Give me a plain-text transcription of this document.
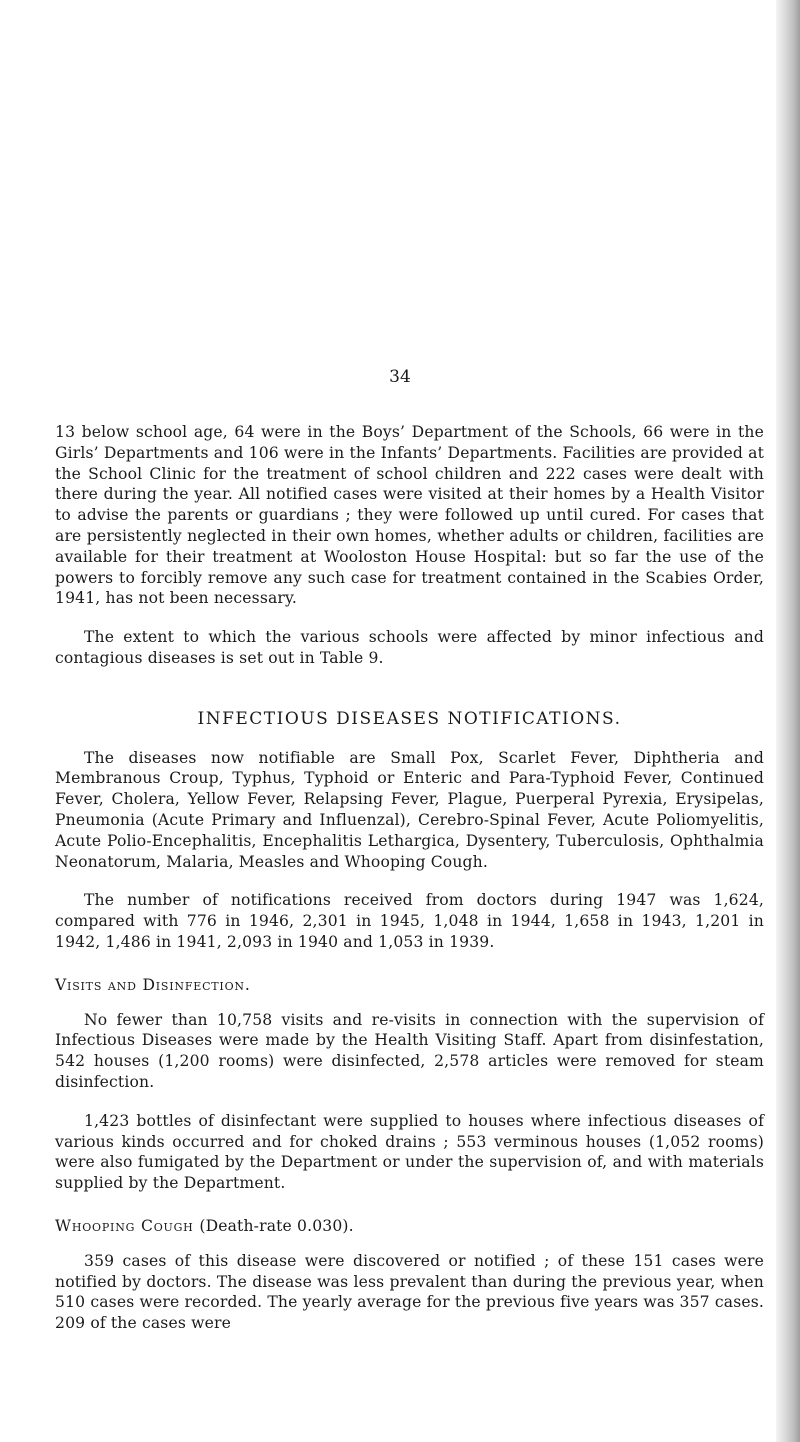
34

13 below school age, 64 were in the Boys’ Department of the Schools, 66 were in the Girls’ Departments and 106 were in the Infants’ Departments. Facilities are provided at the School Clinic for the treatment of school children and 222 cases were dealt with there during the year. All notified cases were visited at their homes by a Health Visitor to advise the parents or guardians ; they were followed up until cured. For cases that are persistently neglected in their own homes, whether adults or children, facilities are available for their treatment at Wooloston House Hospital: but so far the use of the powers to forcibly remove any such case for treatment contained in the Scabies Order, 1941, has not been necessary.

The extent to which the various schools were affected by minor infectious and contagious diseases is set out in Table 9.

INFECTIOUS DISEASES NOTIFICATIONS.

The diseases now notifiable are Small Pox, Scarlet Fever, Diphtheria and Membranous Croup, Typhus, Typhoid or Enteric and Para-Typhoid Fever, Continued Fever, Cholera, Yellow Fever, Relapsing Fever, Plague, Puerperal Pyrexia, Erysipelas, Pneumonia (Acute Primary and Influenzal), Cerebro-Spinal Fever, Acute Poliomyelitis, Acute Polio-Encephalitis, Encephalitis Lethargica, Dysentery, Tuberculosis, Ophthalmia Neonatorum, Malaria, Measles and Whooping Cough.

The number of notifications received from doctors during 1947 was 1,624, compared with 776 in 1946, 2,301 in 1945, 1,048 in 1944, 1,658 in 1943, 1,201 in 1942, 1,486 in 1941, 2,093 in 1940 and 1,053 in 1939.

Visits and Disinfection.

No fewer than 10,758 visits and re-visits in connection with the supervision of Infectious Diseases were made by the Health Visiting Staff. Apart from disinfestation, 542 houses (1,200 rooms) were disinfected, 2,578 articles were removed for steam disinfection.

1,423 bottles of disinfectant were supplied to houses where infectious diseases of various kinds occurred and for choked drains ; 553 verminous houses (1,052 rooms) were also fumigated by the Department or under the supervision of, and with materials supplied by the Department.

Whooping Cough (Death-rate 0.030).

359 cases of this disease were discovered or notified ; of these 151 cases were notified by doctors. The disease was less prevalent than during the previous year, when 510 cases were recorded. The yearly average for the previous five years was 357 cases. 209 of the cases were
